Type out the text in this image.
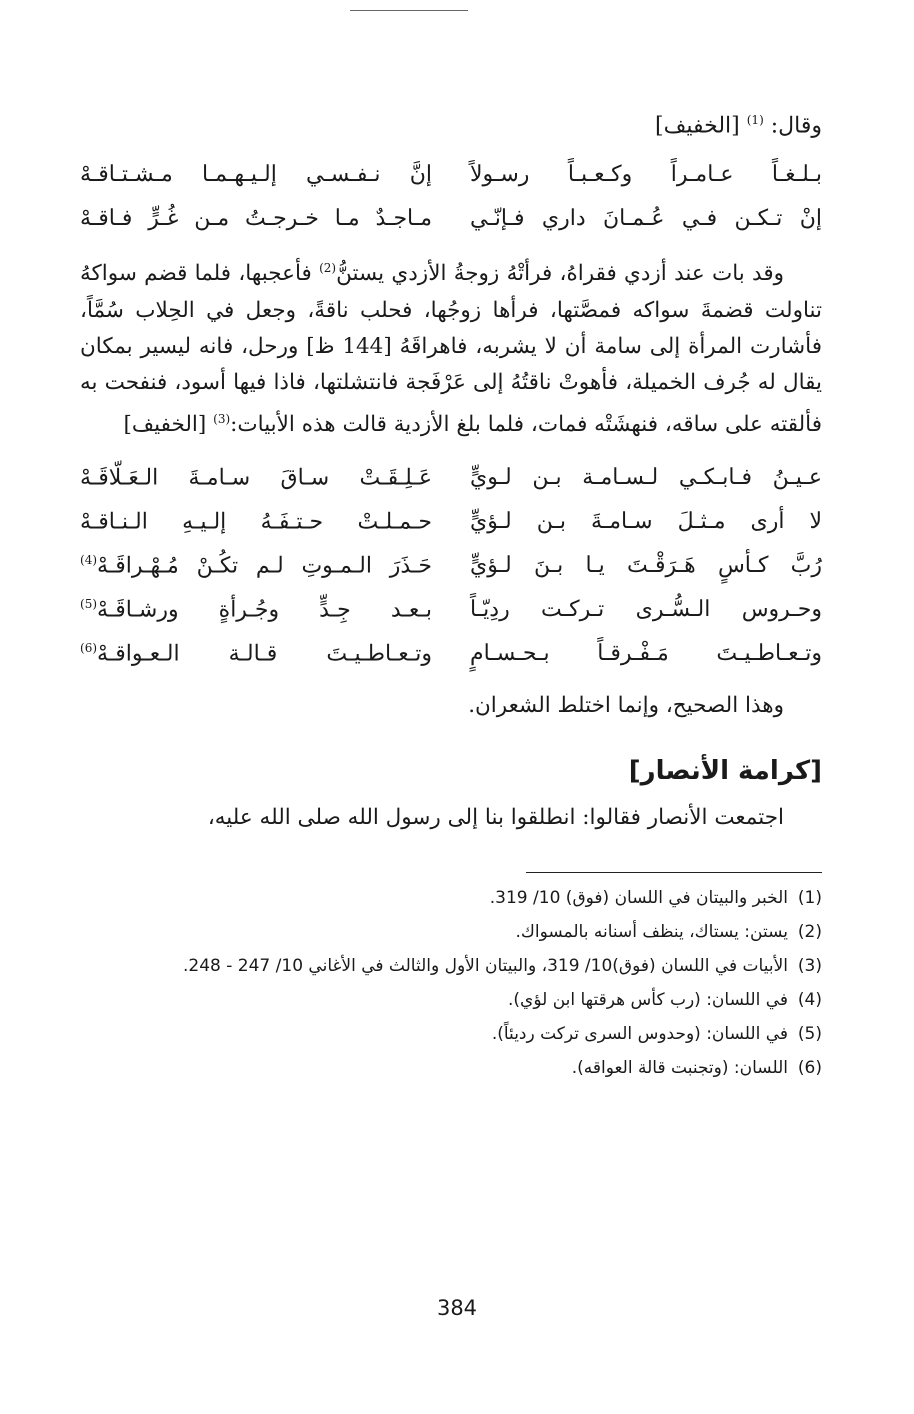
وقال: $^{(1)}$ [الخفيف]

بـلـغـاً عـامـراً وكـعـبـاً رسـولاً
إنَّ نـفـسـي إلـيـهـمـا مـشـتـاقـهْ
إنْ تـكـن فـي عُـمـانَ داري فـإنّـي
مـاجـدٌ مـا خـرجـتُ مـن غُـرٍّ فـاقـهْ

وقد بات عند أزدي فقراهُ، فرأتْهُ زوجةُ الأزدي يستنُّ$^{(2)}$ فأعجبها، فلما قضم سواكهُ تناولت قضمةَ سواكه فمصَّتها، فرأها زوجُها، فحلب ناقةً، وجعل في الحِلاب سُمَّاً، فأشارت المرأة إلى سامة أن لا يشربه، فاهراقَهُ [144 ظ] ورحل، فانه ليسير بمكان يقال له جُرف الخميلة، فأهوتْ ناقتُهُ إلى عَرْفَجة فانتشلتها، فاذا فيها أسود، فنفحت به فألقته على ساقه، فنهشَتْه فمات، فلما بلغ الأزدية قالت هذه الأبيات:$^{(3)}$ [الخفيف]

عـيـنُ فـابـكـي لـسـامـة بـن لـويٍّ
عَـلِـقَـتْ سـاقَ سـامـةَ الـعَـلّاقَـهْ
لا أرى مـثـلَ سـامـةَ بـن لـؤيٍّ
حـمـلـتْ حـتـفَـهُ إلـيـهِ الـنـاقـهْ
رُبَّ كـأسٍ هَـرَقْـتَ يـا بـنَ لـؤيٍّ
حَـذَرَ الـمـوتِ لـم تكُـنْ مُـهْـراقَـهْ$^{(4)}$
وحـروس الـسُّـرى تـركـت ردِيّـاً
بـعـد جِـدٍّ وجُـرأةٍ ورشـاقَـهْ$^{(5)}$
وتـعـاطـيـتَ مَـفْـرقـاً بـحـسـامٍ
وتـعـاطـيـتَ قـالـة الـعـواقـهْ$^{(6)}$

وهذا الصحيح، وإنما اختلط الشعران.

[كرامة الأنصار]

اجتمعت الأنصار فقالوا: انطلقوا بنا إلى رسول الله صلى الله عليه،

(1)
الخبر والبيتان في اللسان (فوق) 10/ 319.
(2)
يستن: يستاك، ينظف أسنانه بالمسواك.
(3)
الأبيات في اللسان (فوق)10/ 319، والبيتان الأول والثالث في الأغاني 10/ 247 - 248.
(4)
في اللسان: (رب كأس هرقتها ابن لؤي).
(5)
في اللسان: (وحدوس السرى تركت رديئاً).
(6)
اللسان: (وتجنبت قالة العواقه).
384
